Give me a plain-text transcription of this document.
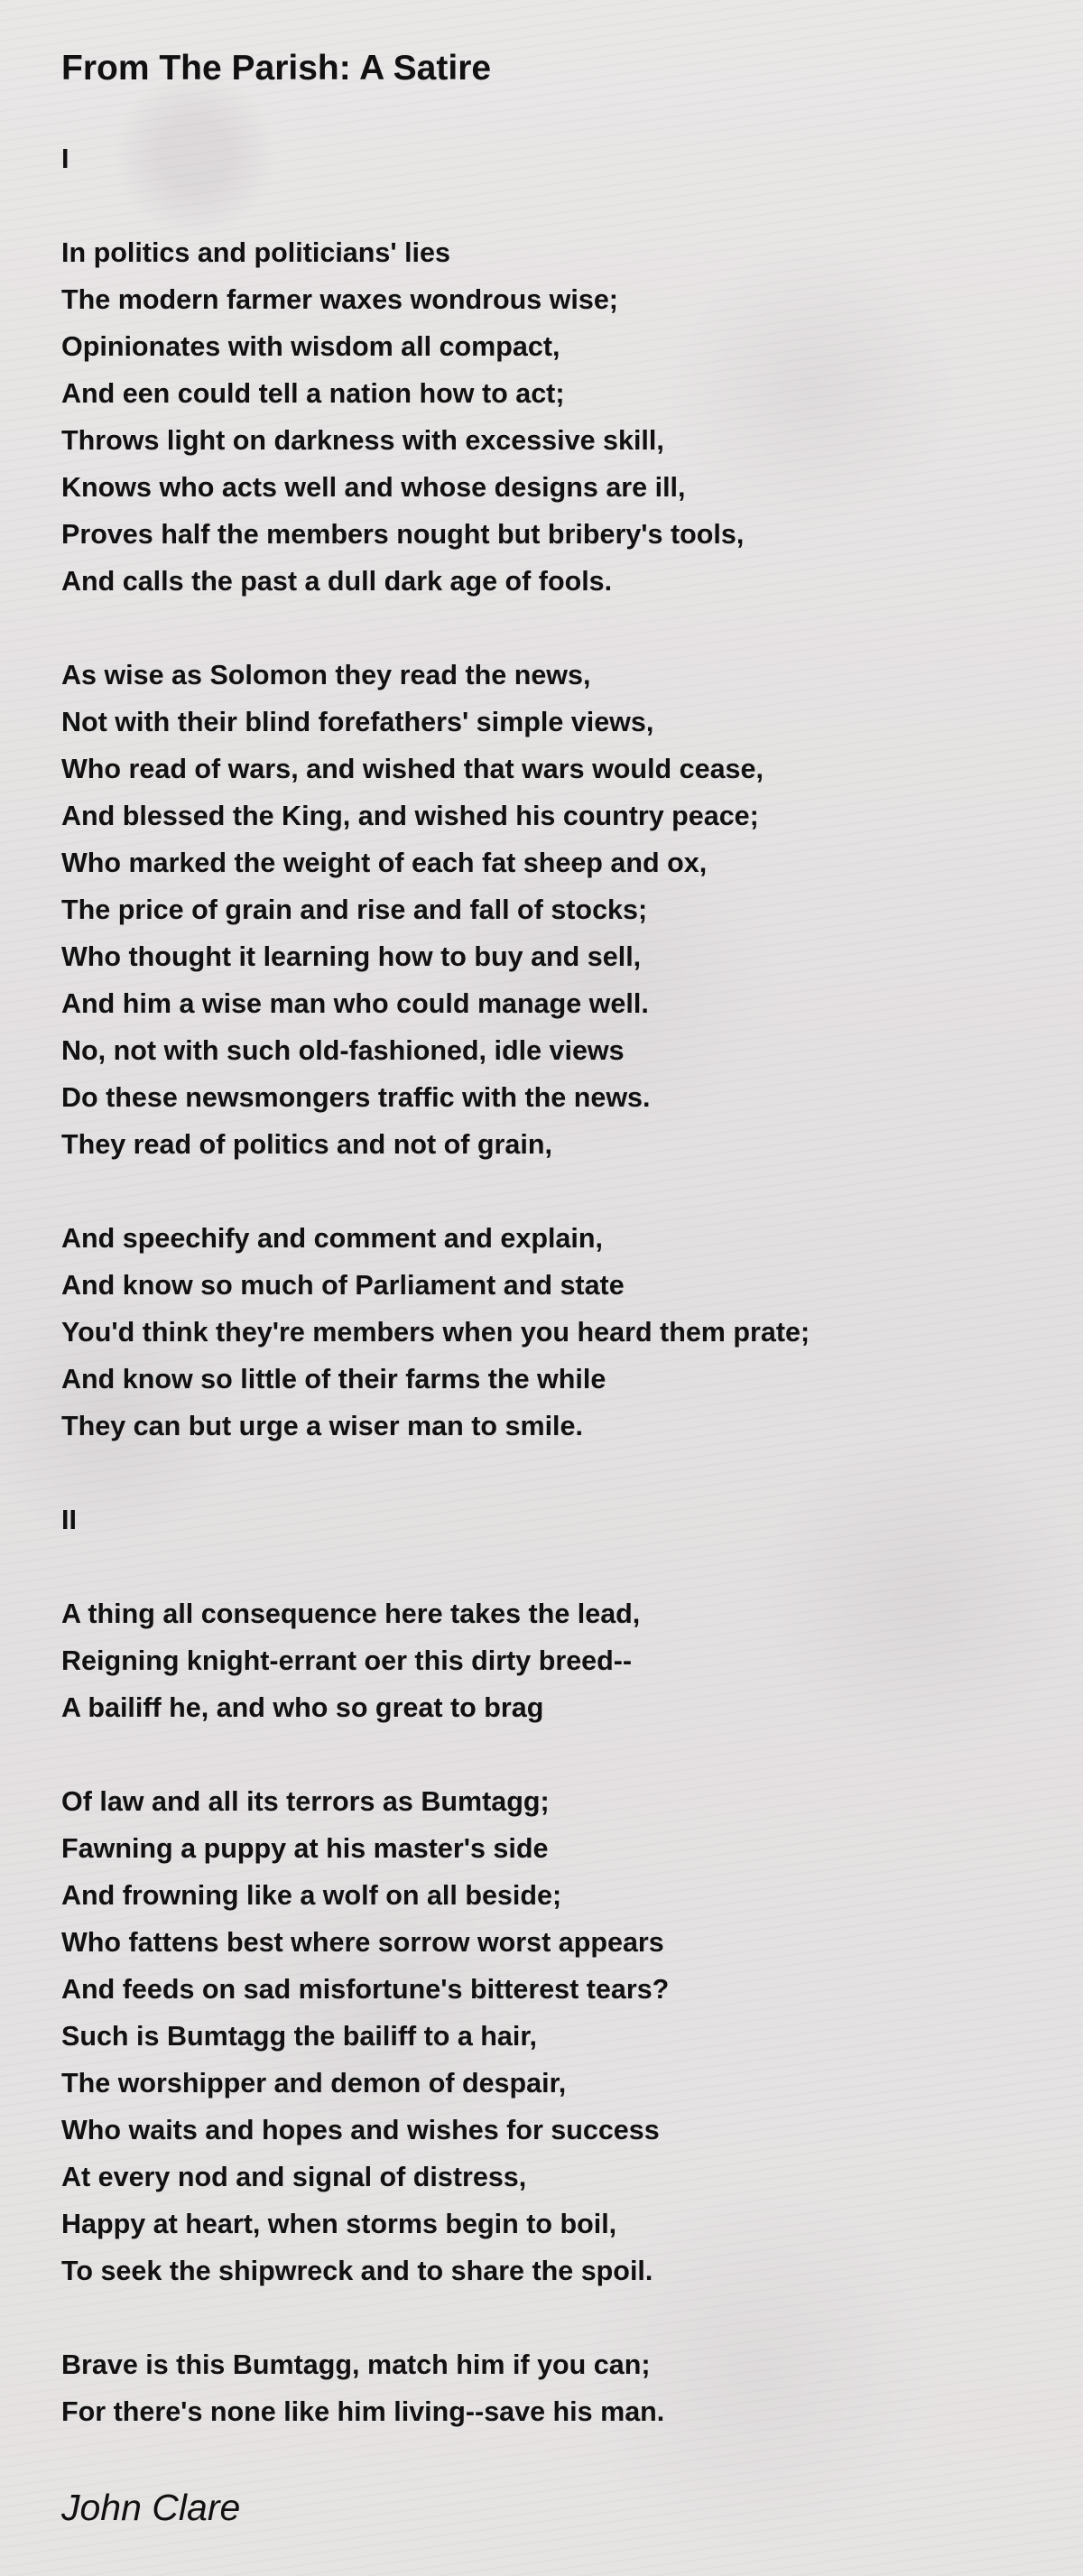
From The Parish: A Satire
I
In politics and politicians' lies
The modern farmer waxes wondrous wise;
Opinionates with wisdom all compact,
And een could tell a nation how to act;
Throws light on darkness with excessive skill,
Knows who acts well and whose designs are ill,
Proves half the members nought but bribery's tools,
And calls the past a dull dark age of fools.
As wise as Solomon they read the news,
Not with their blind forefathers' simple views,
Who read of wars, and wished that wars would cease,
And blessed the King, and wished his country peace;
Who marked the weight of each fat sheep and ox,
The price of grain and rise and fall of stocks;
Who thought it learning how to buy and sell,
And him a wise man who could manage well.
No, not with such old-fashioned, idle views
Do these newsmongers traffic with the news.
They read of politics and not of grain,
And speechify and comment and explain,
And know so much of Parliament and state
You'd think they're members when you heard them prate;
And know so little of their farms the while
They can but urge a wiser man to smile.
II
A thing all consequence here takes the lead,
Reigning knight-errant oer this dirty breed--
A bailiff he, and who so great to brag
Of law and all its terrors as Bumtagg;
Fawning a puppy at his master's side
And frowning like a wolf on all beside;
Who fattens best where sorrow worst appears
And feeds on sad misfortune's bitterest tears?
Such is Bumtagg the bailiff to a hair,
The worshipper and demon of despair,
Who waits and hopes and wishes for success
At every nod and signal of distress,
Happy at heart, when storms begin to boil,
To seek the shipwreck and to share the spoil.
Brave is this Bumtagg, match him if you can;
For there's none like him living--save his man.
John Clare
